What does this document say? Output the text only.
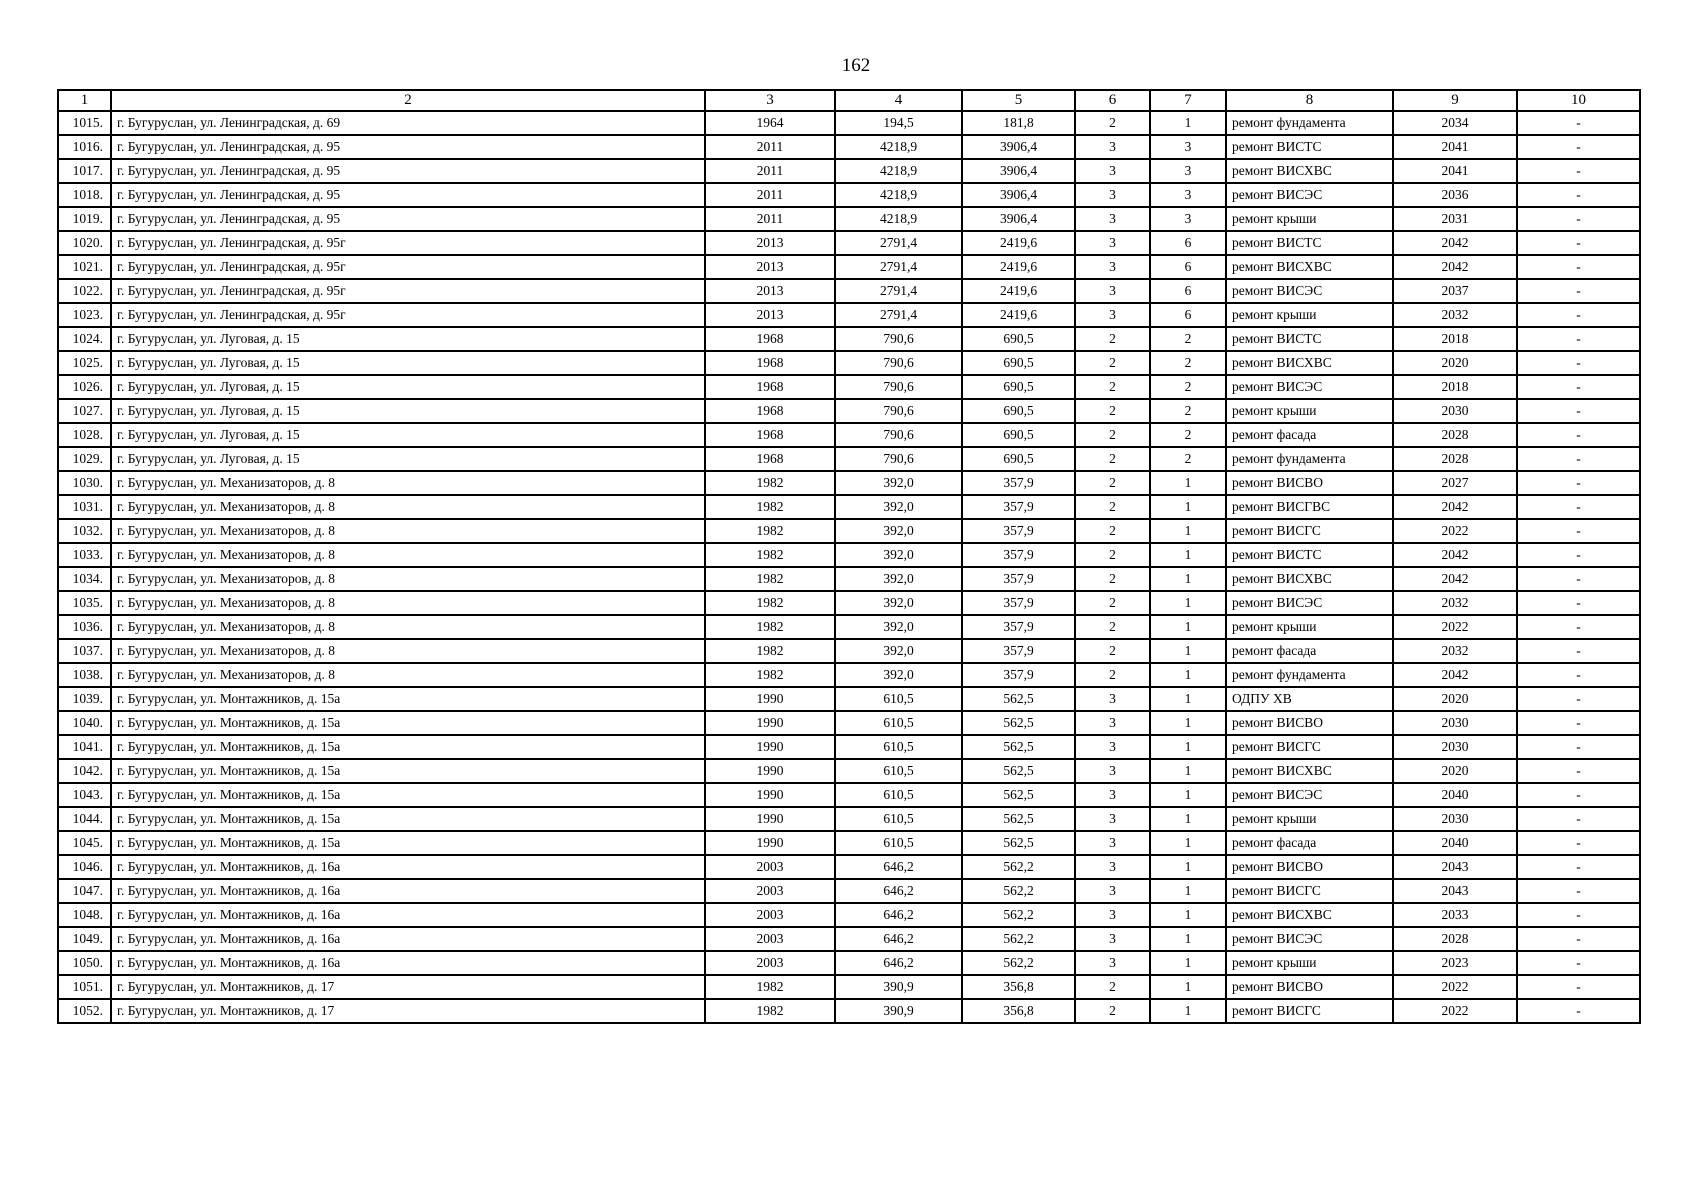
162
1	2	3	4	5	6	7	8	9	10
1015.	г. Бугуруслан, ул. Ленинградская, д. 69	1964	194,5	181,8	2	1	ремонт фундамента	2034	-
1016.	г. Бугуруслан, ул. Ленинградская, д. 95	2011	4218,9	3906,4	3	3	ремонт ВИСТС	2041	-
1017.	г. Бугуруслан, ул. Ленинградская, д. 95	2011	4218,9	3906,4	3	3	ремонт ВИСХВС	2041	-
1018.	г. Бугуруслан, ул. Ленинградская, д. 95	2011	4218,9	3906,4	3	3	ремонт ВИСЭС	2036	-
1019.	г. Бугуруслан, ул. Ленинградская, д. 95	2011	4218,9	3906,4	3	3	ремонт крыши	2031	-
1020.	г. Бугуруслан, ул. Ленинградская, д. 95г	2013	2791,4	2419,6	3	6	ремонт ВИСТС	2042	-
1021.	г. Бугуруслан, ул. Ленинградская, д. 95г	2013	2791,4	2419,6	3	6	ремонт ВИСХВС	2042	-
1022.	г. Бугуруслан, ул. Ленинградская, д. 95г	2013	2791,4	2419,6	3	6	ремонт ВИСЭС	2037	-
1023.	г. Бугуруслан, ул. Ленинградская, д. 95г	2013	2791,4	2419,6	3	6	ремонт крыши	2032	-
1024.	г. Бугуруслан, ул. Луговая, д. 15	1968	790,6	690,5	2	2	ремонт ВИСТС	2018	-
1025.	г. Бугуруслан, ул. Луговая, д. 15	1968	790,6	690,5	2	2	ремонт ВИСХВС	2020	-
1026.	г. Бугуруслан, ул. Луговая, д. 15	1968	790,6	690,5	2	2	ремонт ВИСЭС	2018	-
1027.	г. Бугуруслан, ул. Луговая, д. 15	1968	790,6	690,5	2	2	ремонт крыши	2030	-
1028.	г. Бугуруслан, ул. Луговая, д. 15	1968	790,6	690,5	2	2	ремонт фасада	2028	-
1029.	г. Бугуруслан, ул. Луговая, д. 15	1968	790,6	690,5	2	2	ремонт фундамента	2028	-
1030.	г. Бугуруслан, ул. Механизаторов, д. 8	1982	392,0	357,9	2	1	ремонт ВИСВО	2027	-
1031.	г. Бугуруслан, ул. Механизаторов, д. 8	1982	392,0	357,9	2	1	ремонт ВИСГВС	2042	-
1032.	г. Бугуруслан, ул. Механизаторов, д. 8	1982	392,0	357,9	2	1	ремонт ВИСГС	2022	-
1033.	г. Бугуруслан, ул. Механизаторов, д. 8	1982	392,0	357,9	2	1	ремонт ВИСТС	2042	-
1034.	г. Бугуруслан, ул. Механизаторов, д. 8	1982	392,0	357,9	2	1	ремонт ВИСХВС	2042	-
1035.	г. Бугуруслан, ул. Механизаторов, д. 8	1982	392,0	357,9	2	1	ремонт ВИСЭС	2032	-
1036.	г. Бугуруслан, ул. Механизаторов, д. 8	1982	392,0	357,9	2	1	ремонт крыши	2022	-
1037.	г. Бугуруслан, ул. Механизаторов, д. 8	1982	392,0	357,9	2	1	ремонт фасада	2032	-
1038.	г. Бугуруслан, ул. Механизаторов, д. 8	1982	392,0	357,9	2	1	ремонт фундамента	2042	-
1039.	г. Бугуруслан, ул. Монтажников, д. 15а	1990	610,5	562,5	3	1	ОДПУ ХВ	2020	-
1040.	г. Бугуруслан, ул. Монтажников, д. 15а	1990	610,5	562,5	3	1	ремонт ВИСВО	2030	-
1041.	г. Бугуруслан, ул. Монтажников, д. 15а	1990	610,5	562,5	3	1	ремонт ВИСГС	2030	-
1042.	г. Бугуруслан, ул. Монтажников, д. 15а	1990	610,5	562,5	3	1	ремонт ВИСХВС	2020	-
1043.	г. Бугуруслан, ул. Монтажников, д. 15а	1990	610,5	562,5	3	1	ремонт ВИСЭС	2040	-
1044.	г. Бугуруслан, ул. Монтажников, д. 15а	1990	610,5	562,5	3	1	ремонт крыши	2030	-
1045.	г. Бугуруслан, ул. Монтажников, д. 15а	1990	610,5	562,5	3	1	ремонт фасада	2040	-
1046.	г. Бугуруслан, ул. Монтажников, д. 16а	2003	646,2	562,2	3	1	ремонт ВИСВО	2043	-
1047.	г. Бугуруслан, ул. Монтажников, д. 16а	2003	646,2	562,2	3	1	ремонт ВИСГС	2043	-
1048.	г. Бугуруслан, ул. Монтажников, д. 16а	2003	646,2	562,2	3	1	ремонт ВИСХВС	2033	-
1049.	г. Бугуруслан, ул. Монтажников, д. 16а	2003	646,2	562,2	3	1	ремонт ВИСЭС	2028	-
1050.	г. Бугуруслан, ул. Монтажников, д. 16а	2003	646,2	562,2	3	1	ремонт крыши	2023	-
1051.	г. Бугуруслан, ул. Монтажников, д. 17	1982	390,9	356,8	2	1	ремонт ВИСВО	2022	-
1052.	г. Бугуруслан, ул. Монтажников, д. 17	1982	390,9	356,8	2	1	ремонт ВИСГС	2022	-
